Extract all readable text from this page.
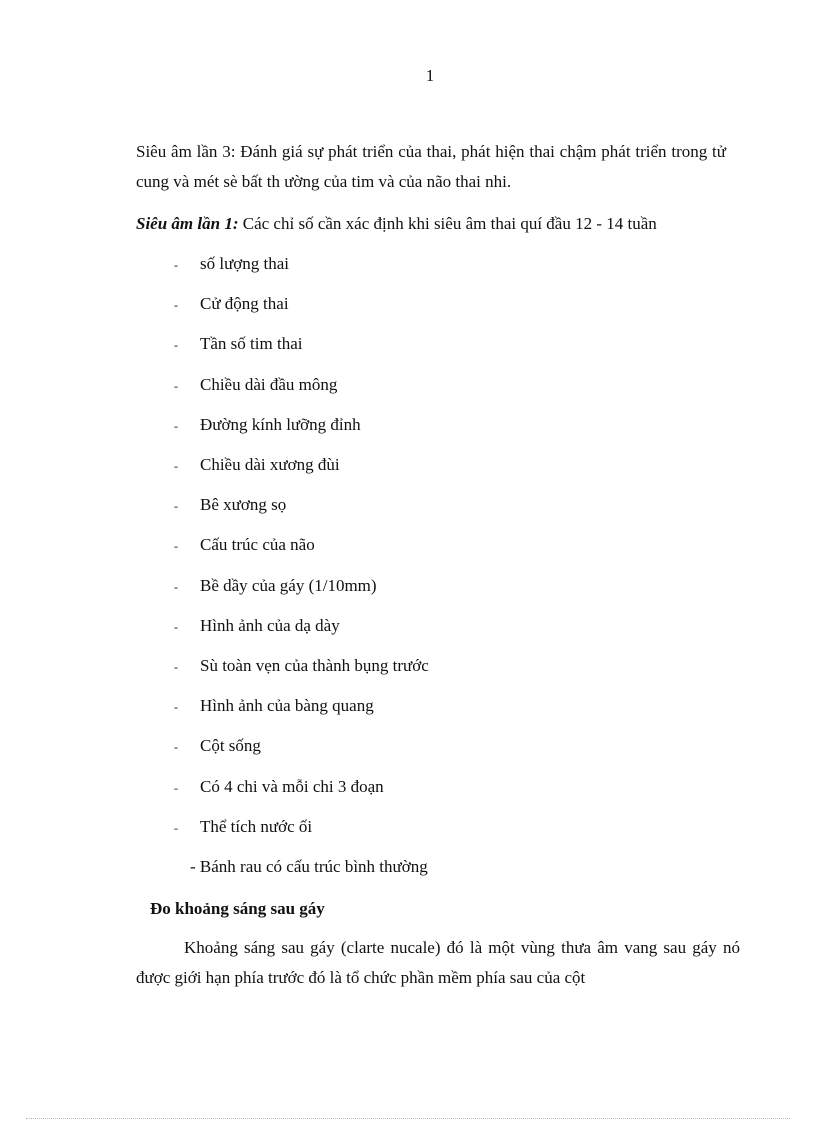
1
Siêu âm lần 3: Đánh giá sự phát triển của thai, phát hiện thai chậm phát triển trong tử cung và mét sè bất th ường của tim và của não thai nhi.
Siêu âm lần 1: Các chỉ số cần xác định khi siêu âm thai quí đầu 12 - 14 tuần
- số lượng thai
- Cử động thai
- Tần số tim thai
- Chiều dài đầu mông
- Đường kính lưỡng đỉnh
- Chiều dài xương đùi
- Bê xương sọ
- Cấu trúc của não
- Bề dầy của gáy (1/10mm)
- Hình ảnh của dạ dày
- Sù toàn vẹn của thành bụng trước
- Hình ảnh của bàng quang
- Cột sống
- Có 4 chi và mỗi chi 3 đoạn
- Thể tích nước ối
- Bánh rau có cấu trúc bình thường
Đo khoảng sáng sau gáy
Khoảng sáng sau gáy (clarte nucale) đó là một vùng thưa âm vang sau gáy nó được giới hạn phía trước đó là tổ chức phần mềm phía sau của cột
